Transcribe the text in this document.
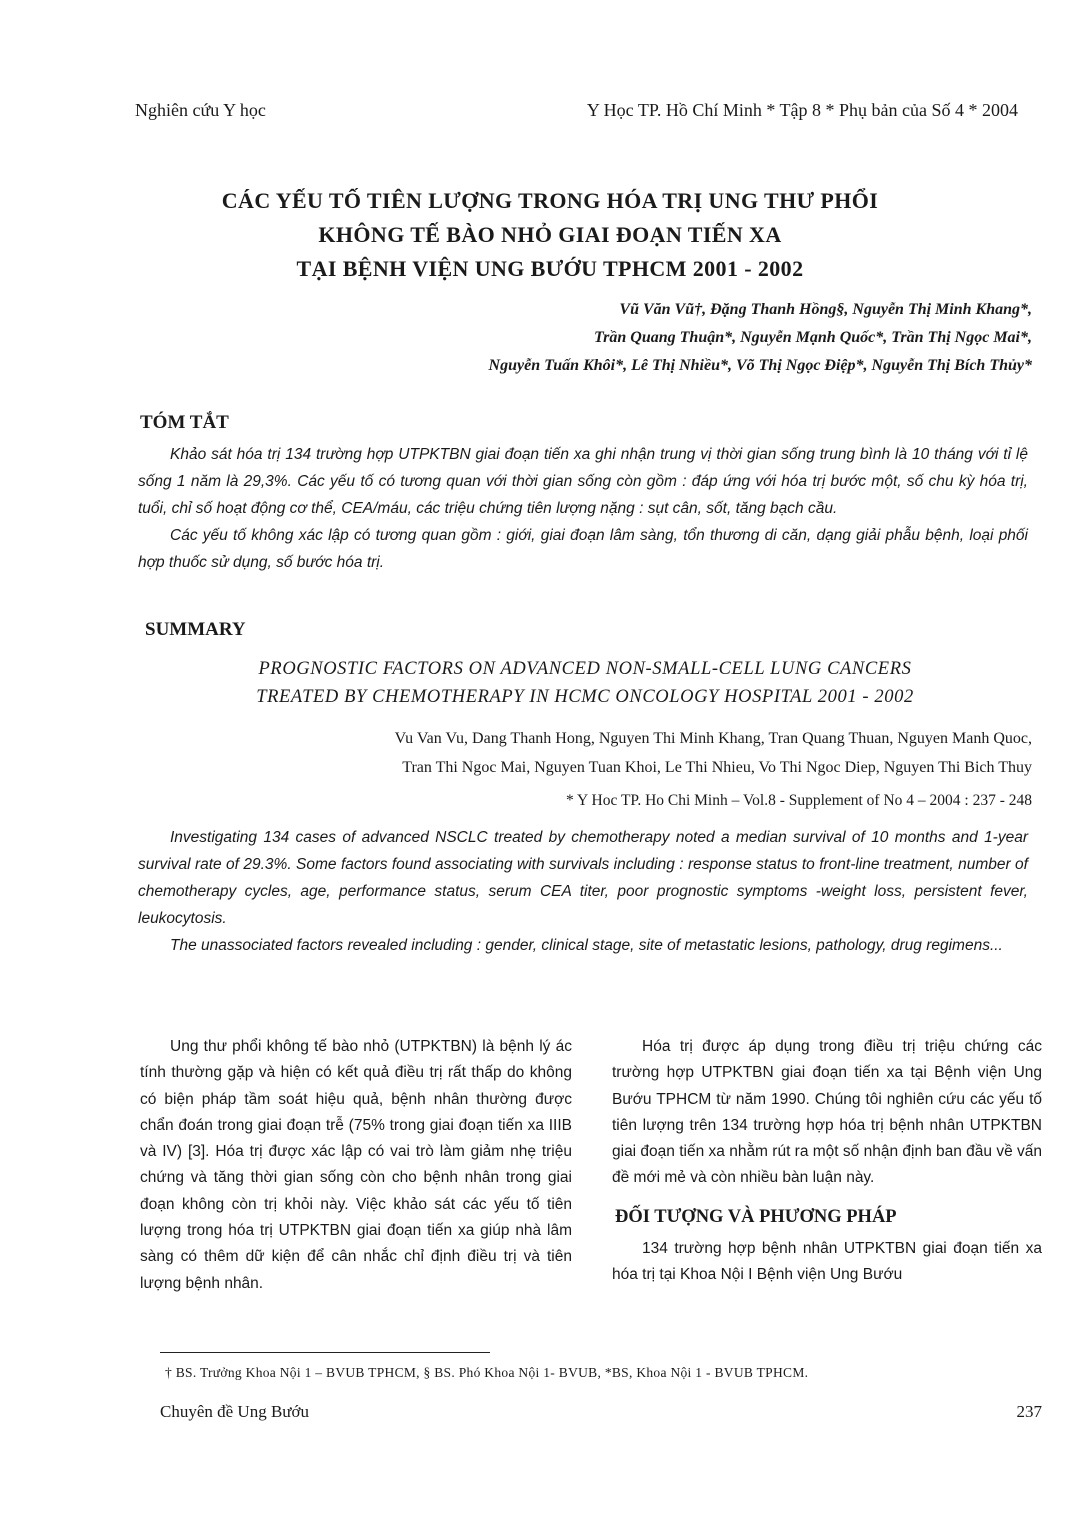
Nghiên cứu Y học	Y Học TP. Hồ Chí Minh * Tập 8 * Phụ bản của Số 4 * 2004
CÁC YẾU TỐ TIÊN LƯỢNG TRONG HÓA TRỊ UNG THƯ PHỔI
KHÔNG TẾ BÀO NHỎ GIAI ĐOẠN TIẾN XA
TẠI BỆNH VIỆN UNG BƯỚU TPHCM 2001 - 2002
Vũ Văn Vũ†, Đặng Thanh Hồng§, Nguyễn Thị Minh Khang*,
Trần Quang Thuận*, Nguyễn Mạnh Quốc*, Trần Thị Ngọc Mai*,
Nguyễn Tuấn Khôi*, Lê Thị Nhiều*, Võ Thị Ngọc Điệp*, Nguyễn Thị Bích Thủy*
TÓM TẮT

Khảo sát hóa trị 134 trường hợp UTPKTBN giai đoạn tiến xa ghi nhận trung vị thời gian sống trung bình là 10 tháng với tỉ lệ sống 1 năm là 29,3%. Các yếu tố có tương quan với thời gian sống còn gồm : đáp ứng với hóa trị bước một, số chu kỳ hóa trị, tuổi, chỉ số hoạt động cơ thể, CEA/máu, các triệu chứng tiên lượng nặng : sụt cân, sốt, tăng bạch cầu.

Các yếu tố không xác lập có tương quan gồm : giới, giai đoạn lâm sàng, tổn thương di căn, dạng giải phẫu bệnh, loại phối hợp thuốc sử dụng, số bước hóa trị.

SUMMARY
PROGNOSTIC FACTORS ON ADVANCED NON-SMALL-CELL LUNG CANCERS
TREATED BY CHEMOTHERAPY IN HCMC ONCOLOGY HOSPITAL 2001 - 2002
Vu Van Vu, Dang Thanh Hong, Nguyen Thi Minh Khang, Tran Quang Thuan, Nguyen Manh Quoc,
Tran Thi Ngoc Mai, Nguyen Tuan Khoi, Le Thi Nhieu, Vo Thi Ngoc Diep, Nguyen Thi Bich Thuy
* Y Hoc TP. Ho Chi Minh – Vol.8 - Supplement of No 4 – 2004 : 237 - 248

Investigating 134 cases of advanced NSCLC treated by chemotherapy noted a median survival of 10 months and 1-year survival rate of 29.3%. Some factors found associating with survivals including : response status to front-line treatment, number of chemotherapy cycles, age, performance status, serum CEA titer, poor prognostic symptoms -weight loss, persistent fever, leukocytosis.

The unassociated factors revealed including : gender, clinical stage, site of metastatic lesions, pathology, drug regimens...

Ung thư phổi không tế bào nhỏ (UTPKTBN) là bệnh lý ác tính thường gặp và hiện có kết quả điều trị rất thấp do không có biện pháp tầm soát hiệu quả, bệnh nhân thường được chẩn đoán trong giai đoạn trễ (75% trong giai đoạn tiến xa IIIB và IV) [3]. Hóa trị được xác lập có vai trò làm giảm nhẹ triệu chứng và tăng thời gian sống còn cho bệnh nhân trong giai đoạn không còn trị khỏi này. Việc khảo sát các yếu tố tiên lượng trong hóa trị UTPKTBN giai đoạn tiến xa giúp nhà lâm sàng có thêm dữ kiện để cân nhắc chỉ định điều trị và tiên lượng bệnh nhân.

Hóa trị được áp dụng trong điều trị triệu chứng các trường hợp UTPKTBN giai đoạn tiến xa tại Bệnh viện Ung Bướu TPHCM từ năm 1990. Chúng tôi nghiên cứu các yếu tố tiên lượng trên 134 trường hợp hóa trị bệnh nhân UTPKTBN giai đoạn tiến xa nhằm rút ra một số nhận định ban đầu về vấn đề mới mẻ và còn nhiều bàn luận này.

ĐỐI TƯỢNG VÀ PHƯƠNG PHÁP

134 trường hợp bệnh nhân UTPKTBN giai đoạn tiến xa hóa trị tại Khoa Nội I Bệnh viện Ung Bướu

† BS. Trưởng Khoa Nội 1 – BVUB TPHCM, § BS. Phó Khoa Nội 1- BVUB, *BS, Khoa Nội 1 - BVUB TPHCM.
Chuyên đề Ung Bướu	237
